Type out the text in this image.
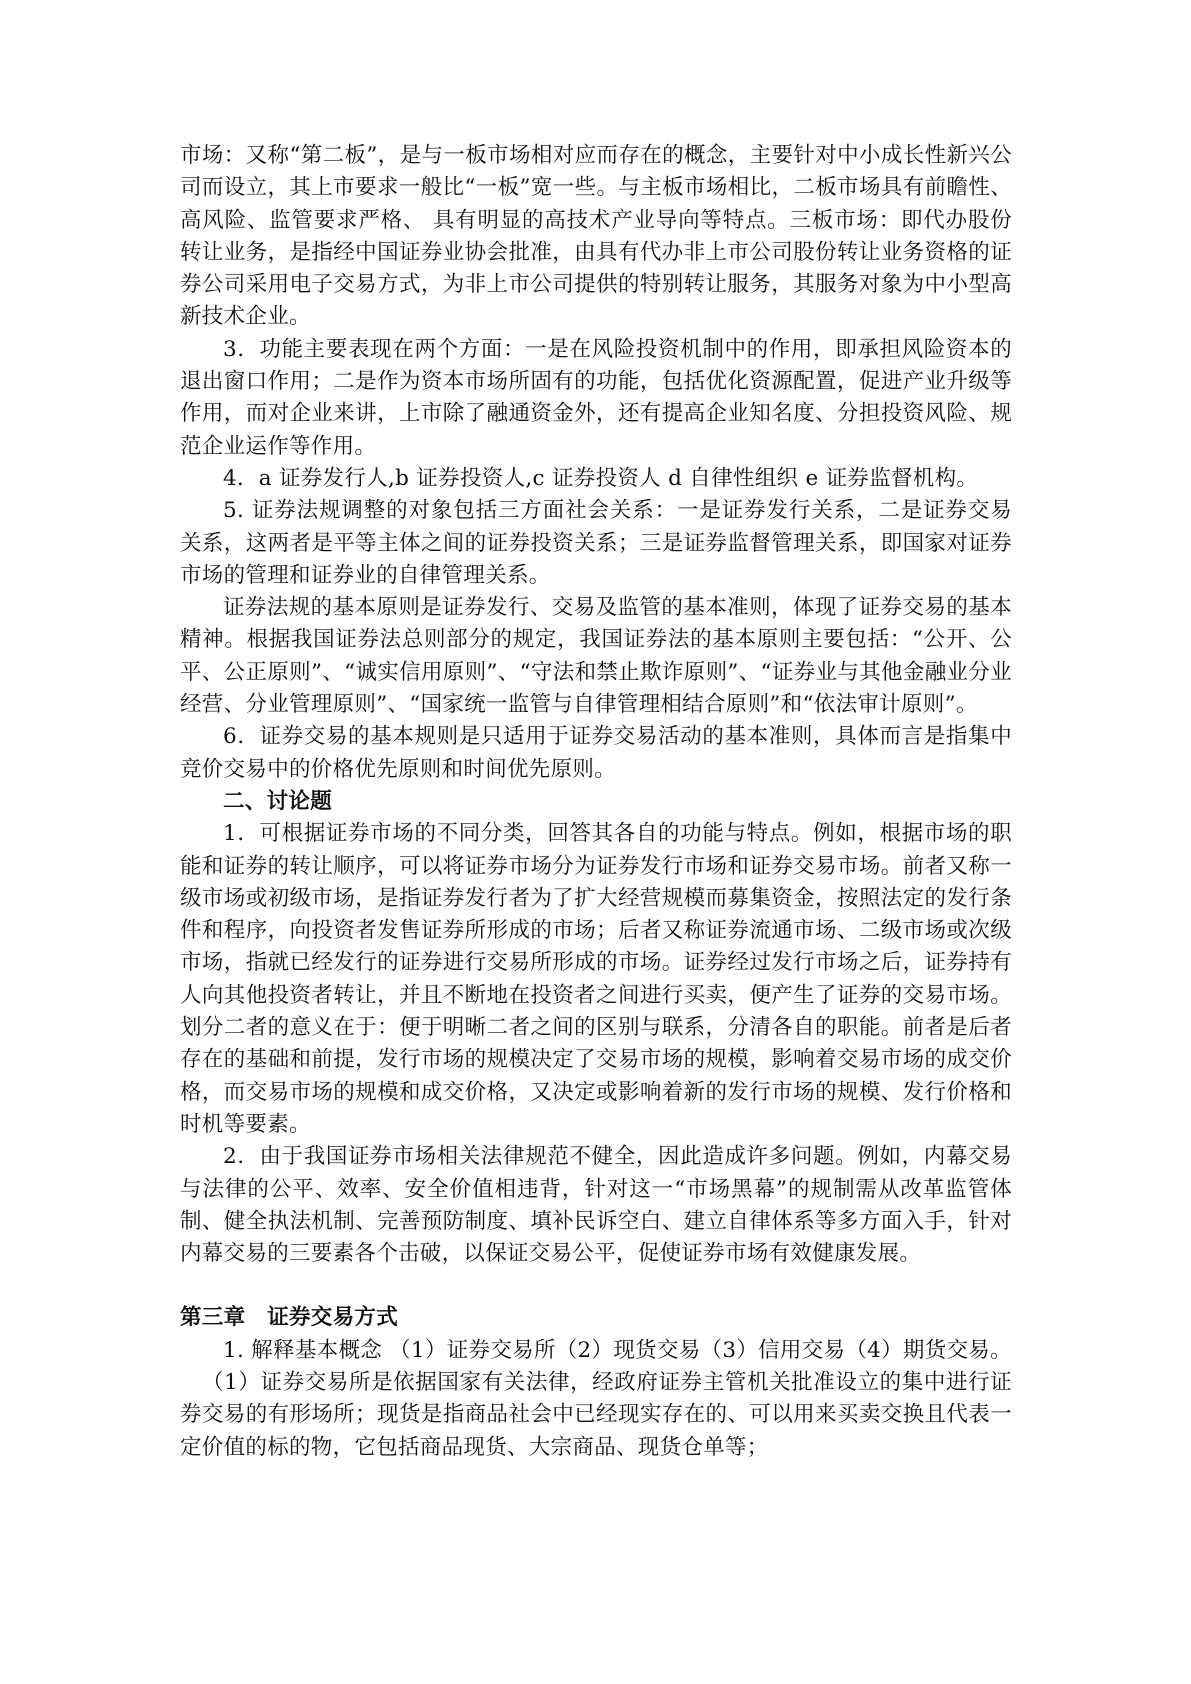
市场：又称“第二板”，是与一板市场相对应而存在的概念，主要针对中小成长性新兴公司而设立，其上市要求一般比“一板”宽一些。与主板市场相比，二板市场具有前瞻性、高风险、监管要求严格、 具有明显的高技术产业导向等特点。三板市场：即代办股份转让业务，是指经中国证券业协会批准，由具有代办非上市公司股份转让业务资格的证券公司采用电子交易方式，为非上市公司提供的特别转让服务，其服务对象为中小型高新技术企业。

3．功能主要表现在两个方面：一是在风险投资机制中的作用，即承担风险资本的退出窗口作用；二是作为资本市场所固有的功能，包括优化资源配置，促进产业升级等作用，而对企业来讲，上市除了融通资金外，还有提高企业知名度、分担投资风险、规范企业运作等作用。

4．a 证券发行人,b 证券投资人,c 证券投资人 d 自律性组织 e 证券监督机构。

5. 证券法规调整的对象包括三方面社会关系：一是证券发行关系，二是证券交易关系，这两者是平等主体之间的证券投资关系；三是证券监督管理关系，即国家对证券市场的管理和证券业的自律管理关系。

证券法规的基本原则是证券发行、交易及监管的基本准则，体现了证券交易的基本精神。根据我国证券法总则部分的规定，我国证券法的基本原则主要包括：“公开、公平、公正原则”、“诚实信用原则”、“守法和禁止欺诈原则”、“证券业与其他金融业分业经营、分业管理原则”、“国家统一监管与自律管理相结合原则”和“依法审计原则”。

6．证券交易的基本规则是只适用于证券交易活动的基本准则，具体而言是指集中竞价交易中的价格优先原则和时间优先原则。

二、讨论题

1．可根据证券市场的不同分类，回答其各自的功能与特点。例如，根据市场的职能和证券的转让顺序，可以将证券市场分为证券发行市场和证券交易市场。前者又称一级市场或初级市场，是指证券发行者为了扩大经营规模而募集资金，按照法定的发行条件和程序，向投资者发售证券所形成的市场；后者又称证券流通市场、二级市场或次级市场，指就已经发行的证券进行交易所形成的市场。证券经过发行市场之后，证券持有人向其他投资者转让，并且不断地在投资者之间进行买卖，便产生了证券的交易市场。划分二者的意义在于：便于明晰二者之间的区别与联系，分清各自的职能。前者是后者存在的基础和前提，发行市场的规模决定了交易市场的规模，影响着交易市场的成交价格，而交易市场的规模和成交价格，又决定或影响着新的发行市场的规模、发行价格和时机等要素。

2．由于我国证券市场相关法律规范不健全，因此造成许多问题。例如，内幕交易与法律的公平、效率、安全价值相违背，针对这一“市场黑幕”的规制需从改革监管体制、健全执法机制、完善预防制度、填补民诉空白、建立自律体系等多方面入手，针对内幕交易的三要素各个击破，以保证交易公平，促使证券市场有效健康发展。

第三章　证券交易方式

1. 解释基本概念 （1）证券交易所（2）现货交易（3）信用交易（4）期货交易。

（1）证券交易所是依据国家有关法律，经政府证券主管机关批准设立的集中进行证券交易的有形场所；现货是指商品社会中已经现实存在的、可以用来买卖交换且代表一定价值的标的物，它包括商品现货、大宗商品、现货仓单等；
